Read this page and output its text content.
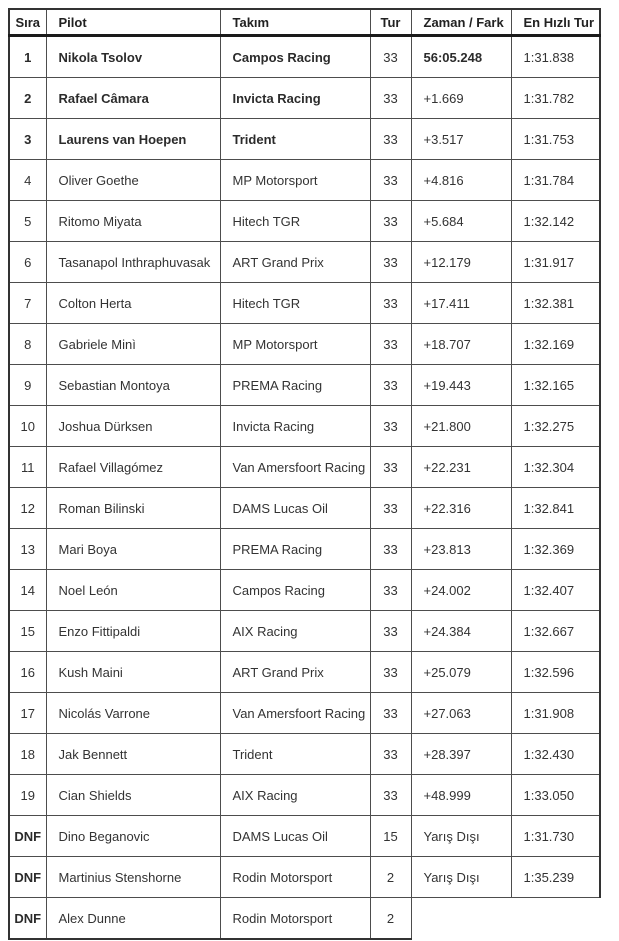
Sıra	Pilot	Takım	Tur	Zaman / Fark	En Hızlı Tur
1	Nikola Tsolov	Campos Racing	33	56:05.248	1:31.838
2	Rafael Câmara	Invicta Racing	33	+1.669	1:31.782
3	Laurens van Hoepen	Trident	33	+3.517	1:31.753
4	Oliver Goethe	MP Motorsport	33	+4.816	1:31.784
5	Ritomo Miyata	Hitech TGR	33	+5.684	1:32.142
6	Tasanapol Inthraphuvasak	ART Grand Prix	33	+12.179	1:31.917
7	Colton Herta	Hitech TGR	33	+17.411	1:32.381
8	Gabriele Minì	MP Motorsport	33	+18.707	1:32.169
9	Sebastian Montoya	PREMA Racing	33	+19.443	1:32.165
10	Joshua Dürksen	Invicta Racing	33	+21.800	1:32.275
11	Rafael Villagómez	Van Amersfoort Racing	33	+22.231	1:32.304
12	Roman Bilinski	DAMS Lucas Oil	33	+22.316	1:32.841
13	Mari Boya	PREMA Racing	33	+23.813	1:32.369
14	Noel León	Campos Racing	33	+24.002	1:32.407
15	Enzo Fittipaldi	AIX Racing	33	+24.384	1:32.667
16	Kush Maini	ART Grand Prix	33	+25.079	1:32.596
17	Nicolás Varrone	Van Amersfoort Racing	33	+27.063	1:31.908
18	Jak Bennett	Trident	33	+28.397	1:32.430
19	Cian Shields	AIX Racing	33	+48.999	1:33.050
DNF	Dino Beganovic	DAMS Lucas Oil	15	Yarış Dışı	1:31.730
DNF	Martinius Stenshorne	Rodin Motorsport	2	Yarış Dışı	1:35.239
DNF	Alex Dunne	Rodin Motorsport	2		
